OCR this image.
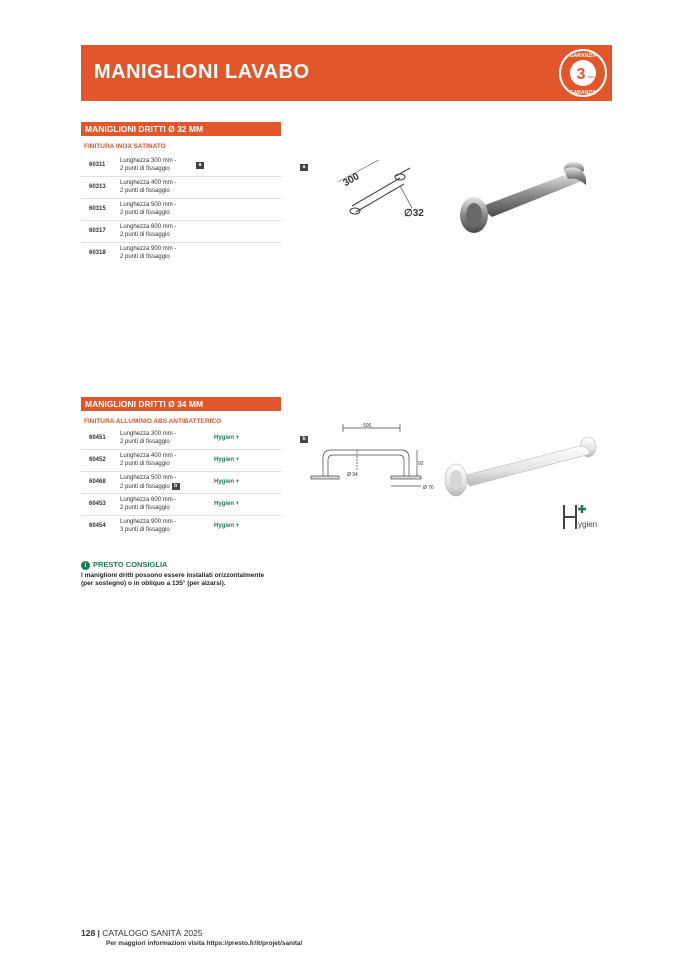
MANIGLIONI LAVABO	3 ans
GARANZIA
GARANZIA
MANIGLIONI DRITTI Ø 32 MM
FINITURA INOX SATINATO
60311
Lunghezza 300 mm -
2 punti di fissaggio
a
60313
Lunghezza 400 mm -
2 punti di fissaggio
60315
Lunghezza 500 mm -
2 punti di fissaggio
60317
Lunghezza 600 mm -
2 punti di fissaggio
60318
Lunghezza 900 mm -
2 punti di fissaggio
a
300
∅32
MANIGLIONI DRITTI Ø 34 MM
FINITURA ALLUMINIO ABS ANTIBATTERICO
60451
Lunghezza 300 mm -
2 punti di fissaggio
Hygien +
60452
Lunghezza 400 mm -
2 punti di fissaggio
Hygien +
60468
Lunghezza 500 mm -
2 punti di fissaggio b
Hygien +
60453
Lunghezza 600 mm -
2 punti di fissaggio
Hygien +
60454
Lunghezza 900 mm -
3 punti di fissaggio
Hygien +
b
500
92
Ø 34
Ø 76
ygien
i PRESTO CONSIGLIA
I maniglioni dritti possono essere installati orizzontalmente
(per sostegno) o in obliquo a 135° (per alzarsi).
128 | CATALOGO SANITÀ 2025
Per maggiori informazioni visita https://presto.fr/it/projet/sanita/
